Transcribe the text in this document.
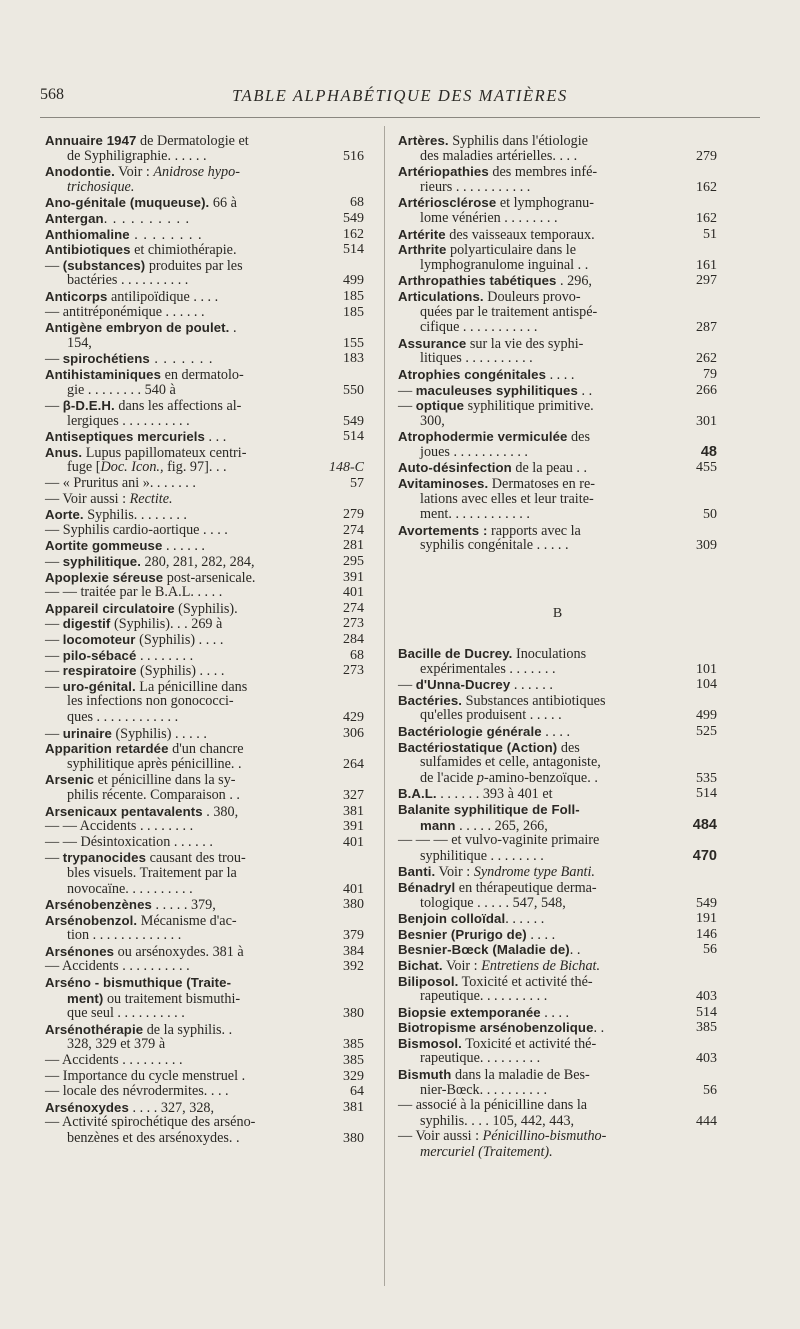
568	TABLE ALPHABÉTIQUE DES MATIÈRES
Annuaire 1947 de Dermatologie et
de Syphiligraphie. . . . . .	516
Anodontie. Voir : Anidrose hypo-
trichosique.
Ano-génitale (muqueuse). 66 à	68
Antergan. . . . . . . . . .	549
Anthiomaline . . . . . . . .	162
Antibiotiques et chimiothérapie.	514
— (substances) produites par les
bactéries . . . . . . . . . .	499
Anticorps antilipoïdique . . . .	185
— antitréponémique . . . . . .	185
Antigène embryon de poulet. .
154,	155
— spirochétiens . . . . . . .	183
Antihistaminiques en dermatolo-
gie . . . . . . . . 540 à	550
— β-D.E.H. dans les affections al-
lergiques . . . . . . . . . .	549
Antiseptiques mercuriels . . .	514
Anus. Lupus papillomateux centri-
fuge [Doc. Icon., fig. 97]. . .	148-C
— « Pruritus ani ». . . . . . .	57
— Voir aussi : Rectite.
Aorte. Syphilis. . . . . . . .	279
— Syphilis cardio-aortique . . . .	274
Aortite gommeuse . . . . . .	281
— syphilitique. 280, 281, 282, 284,	295
Apoplexie séreuse post-arsenicale.	391
— — traitée par le B.A.L. . . . .	401
Appareil circulatoire (Syphilis).	274
— digestif (Syphilis). . . 269 à	273
— locomoteur (Syphilis) . . . .	284
— pilo-sébacé . . . . . . . .	68
— respiratoire (Syphilis) . . . .	273
— uro-génital. La pénicilline dans
les infections non gonococci-
ques . . . . . . . . . . . .	429
— urinaire (Syphilis) . . . . .	306
Apparition retardée d'un chancre
syphilitique après pénicilline. .	264
Arsenic et pénicilline dans la sy-
philis récente. Comparaison . .	327
Arsenicaux pentavalents . 380,	381
— — Accidents . . . . . . . .	391
— — Désintoxication . . . . . .	401
— trypanocides causant des trou-
bles visuels. Traitement par la
novocaïne. . . . . . . . . .	401
Arsénobenzènes . . . . . 379,	380
Arsénobenzol. Mécanisme d'ac-
tion . . . . . . . . . . . . .	379
Arsénones ou arsénoxydes. 381 à	384
— Accidents . . . . . . . . . .	392
Arséno - bismuthique (Traite-
ment) ou traitement bismuthi-
que seul . . . . . . . . . .	380
Arsénothérapie de la syphilis. .
328, 329 et 379 à	385
— Accidents . . . . . . . . .	385
— Importance du cycle menstruel .	329
— locale des névrodermites. . . .	64
Arsénoxydes . . . . 327, 328,	381
— Activité spirochétique des arséno-
benzènes et des arsénoxydes. .	380
Artères. Syphilis dans l'étiologie
des maladies artérielles. . . .	279
Artériopathies des membres infé-
rieurs . . . . . . . . . . .	162
Artériosclérose et lymphogranu-
lome vénérien . . . . . . . .	162
Artérite des vaisseaux temporaux.	51
Arthrite polyarticulaire dans le
lymphogranulome inguinal . .	161
Arthropathies tabétiques . 296,	297
Articulations. Douleurs provo-
quées par le traitement antispé-
cifique . . . . . . . . . . .	287
Assurance sur la vie des syphi-
litiques . . . . . . . . . .	262
Atrophies congénitales . . . .	79
— maculeuses syphilitiques . .	266
— optique syphilitique primitive.
300,	301
Atrophodermie vermiculée des
joues . . . . . . . . . . .	48
Auto-désinfection de la peau . .	455
Avitaminoses. Dermatoses en re-
lations avec elles et leur traite-
ment. . . . . . . . . . . .	50
Avortements : rapports avec la
syphilis congénitale . . . . .	309
B
Bacille de Ducrey. Inoculations
expérimentales . . . . . . .	101
— d'Unna-Ducrey . . . . . .	104
Bactéries. Substances antibiotiques
qu'elles produisent . . . . .	499
Bactériologie générale . . . .	525
Bactériostatique (Action) des
sulfamides et celle, antagoniste,
de l'acide p-amino-benzoïque. .	535
B.A.L. . . . . . . 393 à 401 et	514
Balanite syphilitique de Foll-
mann . . . . . 265, 266,	484
— — — et vulvo-vaginite primaire
syphilitique . . . . . . . .	470
Banti. Voir : Syndrome type Banti.
Bénadryl en thérapeutique derma-
tologique . . . . . 547, 548,	549
Benjoin colloïdal. . . . . .	191
Besnier (Prurigo de) . . . .	146
Besnier-Bœck (Maladie de). .	56
Bichat. Voir : Entretiens de Bichat.
Biliposol. Toxicité et activité thé-
rapeutique. . . . . . . . . .	403
Biopsie extemporanée . . . .	514
Biotropisme arsénobenzolique. .	385
Bismosol. Toxicité et activité thé-
rapeutique. . . . . . . . .	403
Bismuth dans la maladie de Bes-
nier-Bœck. . . . . . . . . .	56
— associé à la pénicilline dans la
syphilis. . . . 105, 442, 443,	444
— Voir aussi : Pénicillino-bismutho-
mercuriel (Traitement).
